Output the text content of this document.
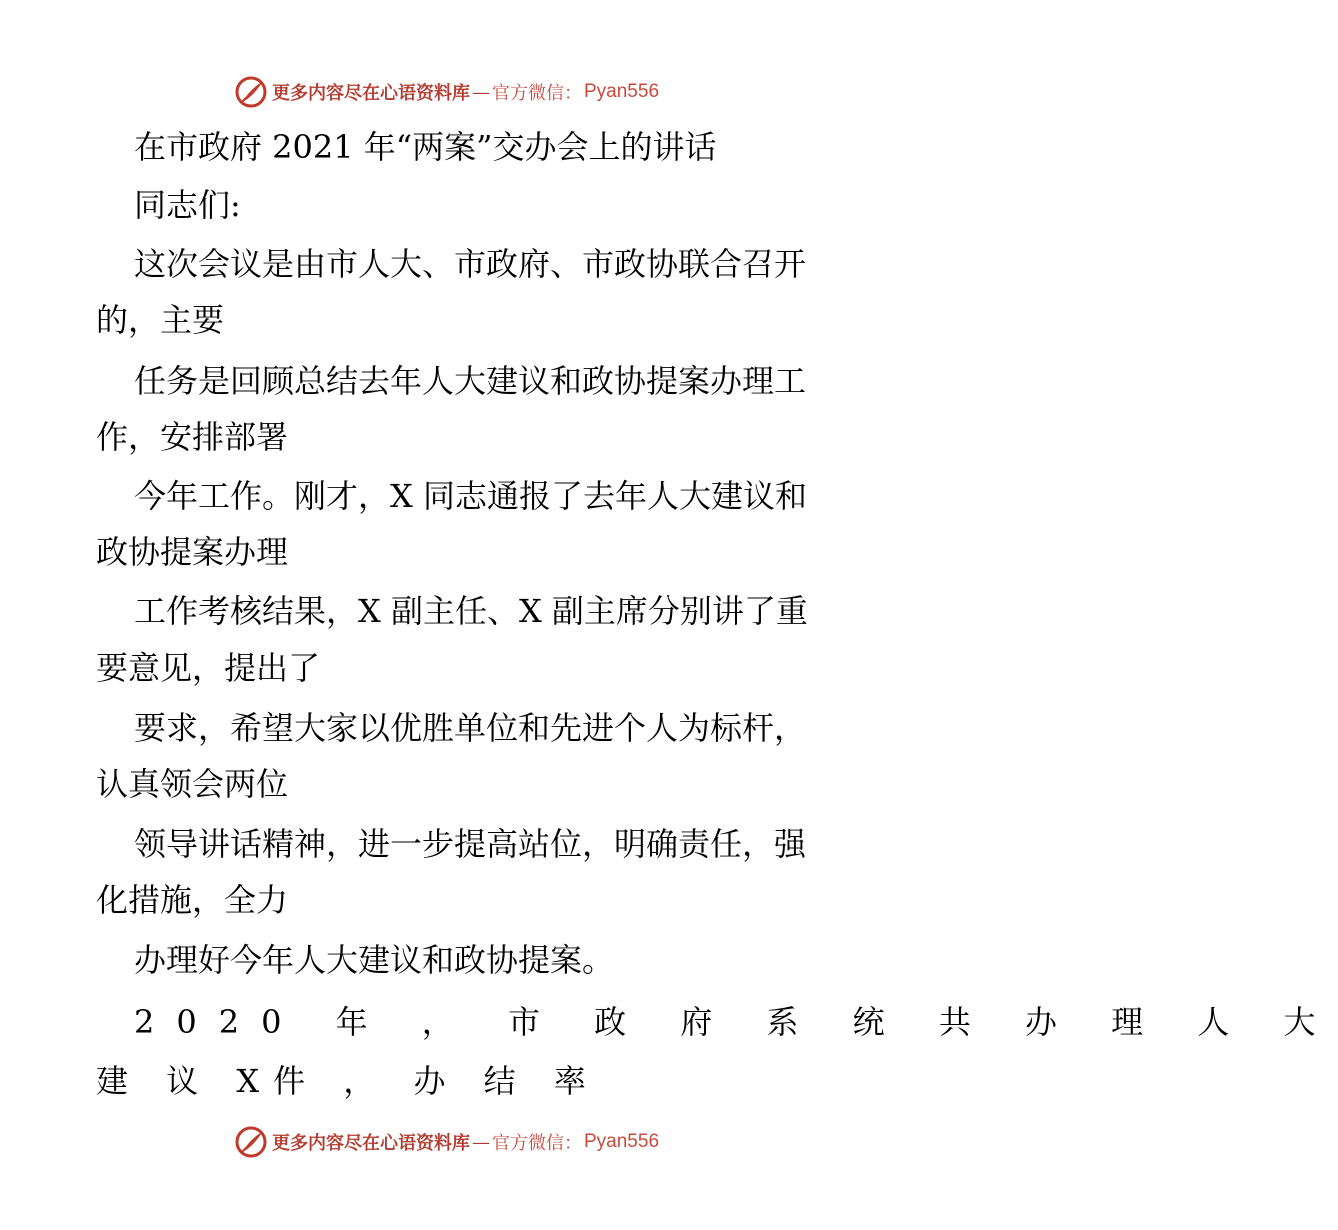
更多内容尽在心语资料库 — 官方微信： Pyan556
在市政府 2021 年“两案”交办会上的讲话
同志们:
这次会议是由市人大、市政府、市政协联合召开
的，主要
任务是回顾总结去年人大建议和政协提案办理工
作，安排部署
今年工作。刚才，X 同志通报了去年人大建议和
政协提案办理
工作考核结果，X 副主任、X 副主席分别讲了重
要意见，提出了
要求，希望大家以优胜单位和先进个人为标杆，
认真领会两位
领导讲话精神，进一步提高站位，明确责任，强
化措施，全力
办理好今年人大建议和政协提案。
2020 年 ， 市 政 府 系 统 共 办 理 人 大
建 议 X件 ， 办 结 率
更多内容尽在心语资料库 — 官方微信： Pyan556
